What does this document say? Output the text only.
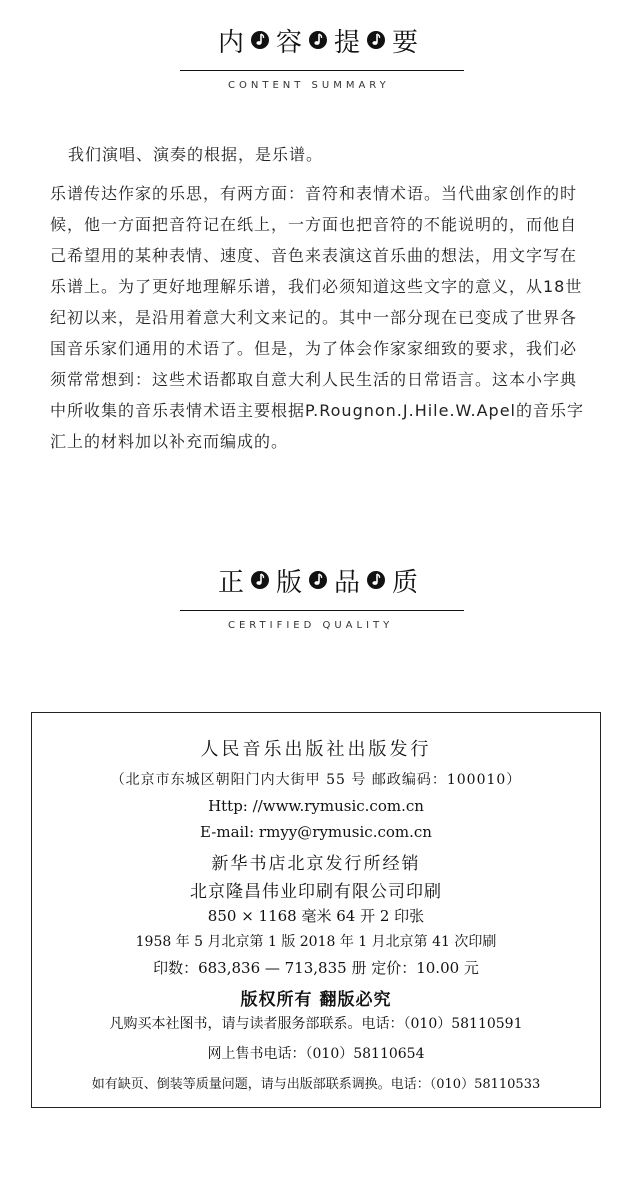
内 容 提 要
CONTENT SUMMARY

我们演唱、演奏的根据，是乐谱。

乐谱传达作家的乐思，有两方面：音符和表情术语。当代曲家创作的时候，他一方面把音符记在纸上，一方面也把音符的不能说明的，而他自己希望用的某种表情、速度、音色来表演这首乐曲的想法，用文字写在乐谱上。为了更好地理解乐谱，我们必须知道这些文字的意义，从18世纪初以来，是沿用着意大利文来记的。其中一部分现在已变成了世界各国音乐家们通用的术语了。但是，为了体会作家家细致的要求，我们必须常常想到：这些术语都取自意大利人民生活的日常语言。这本小字典中所收集的音乐表情术语主要根据P.Rougnon.J.Hile.W.Apel的音乐字汇上的材料加以补充而编成的。

正 版 品 质
CERTIFIED QUALITY
人民音乐出版社出版发行
（北京市东城区朝阳门内大街甲 55 号 邮政编码：100010）
Http: //www.rymusic.com.cn
E-mail: rmyy@rymusic.com.cn
新华书店北京发行所经销
北京隆昌伟业印刷有限公司印刷
850 × 1168 毫米 64 开 2 印张
1958 年 5 月北京第 1 版 2018 年 1 月北京第 41 次印刷
印数：683,836 — 713,835 册 定价：10.00 元
版权所有 翻版必究
凡购买本社图书，请与读者服务部联系。电话：（010）58110591
网上售书电话：（010）58110654
如有缺页、倒装等质量问题，请与出版部联系调换。电话：（010）58110533
